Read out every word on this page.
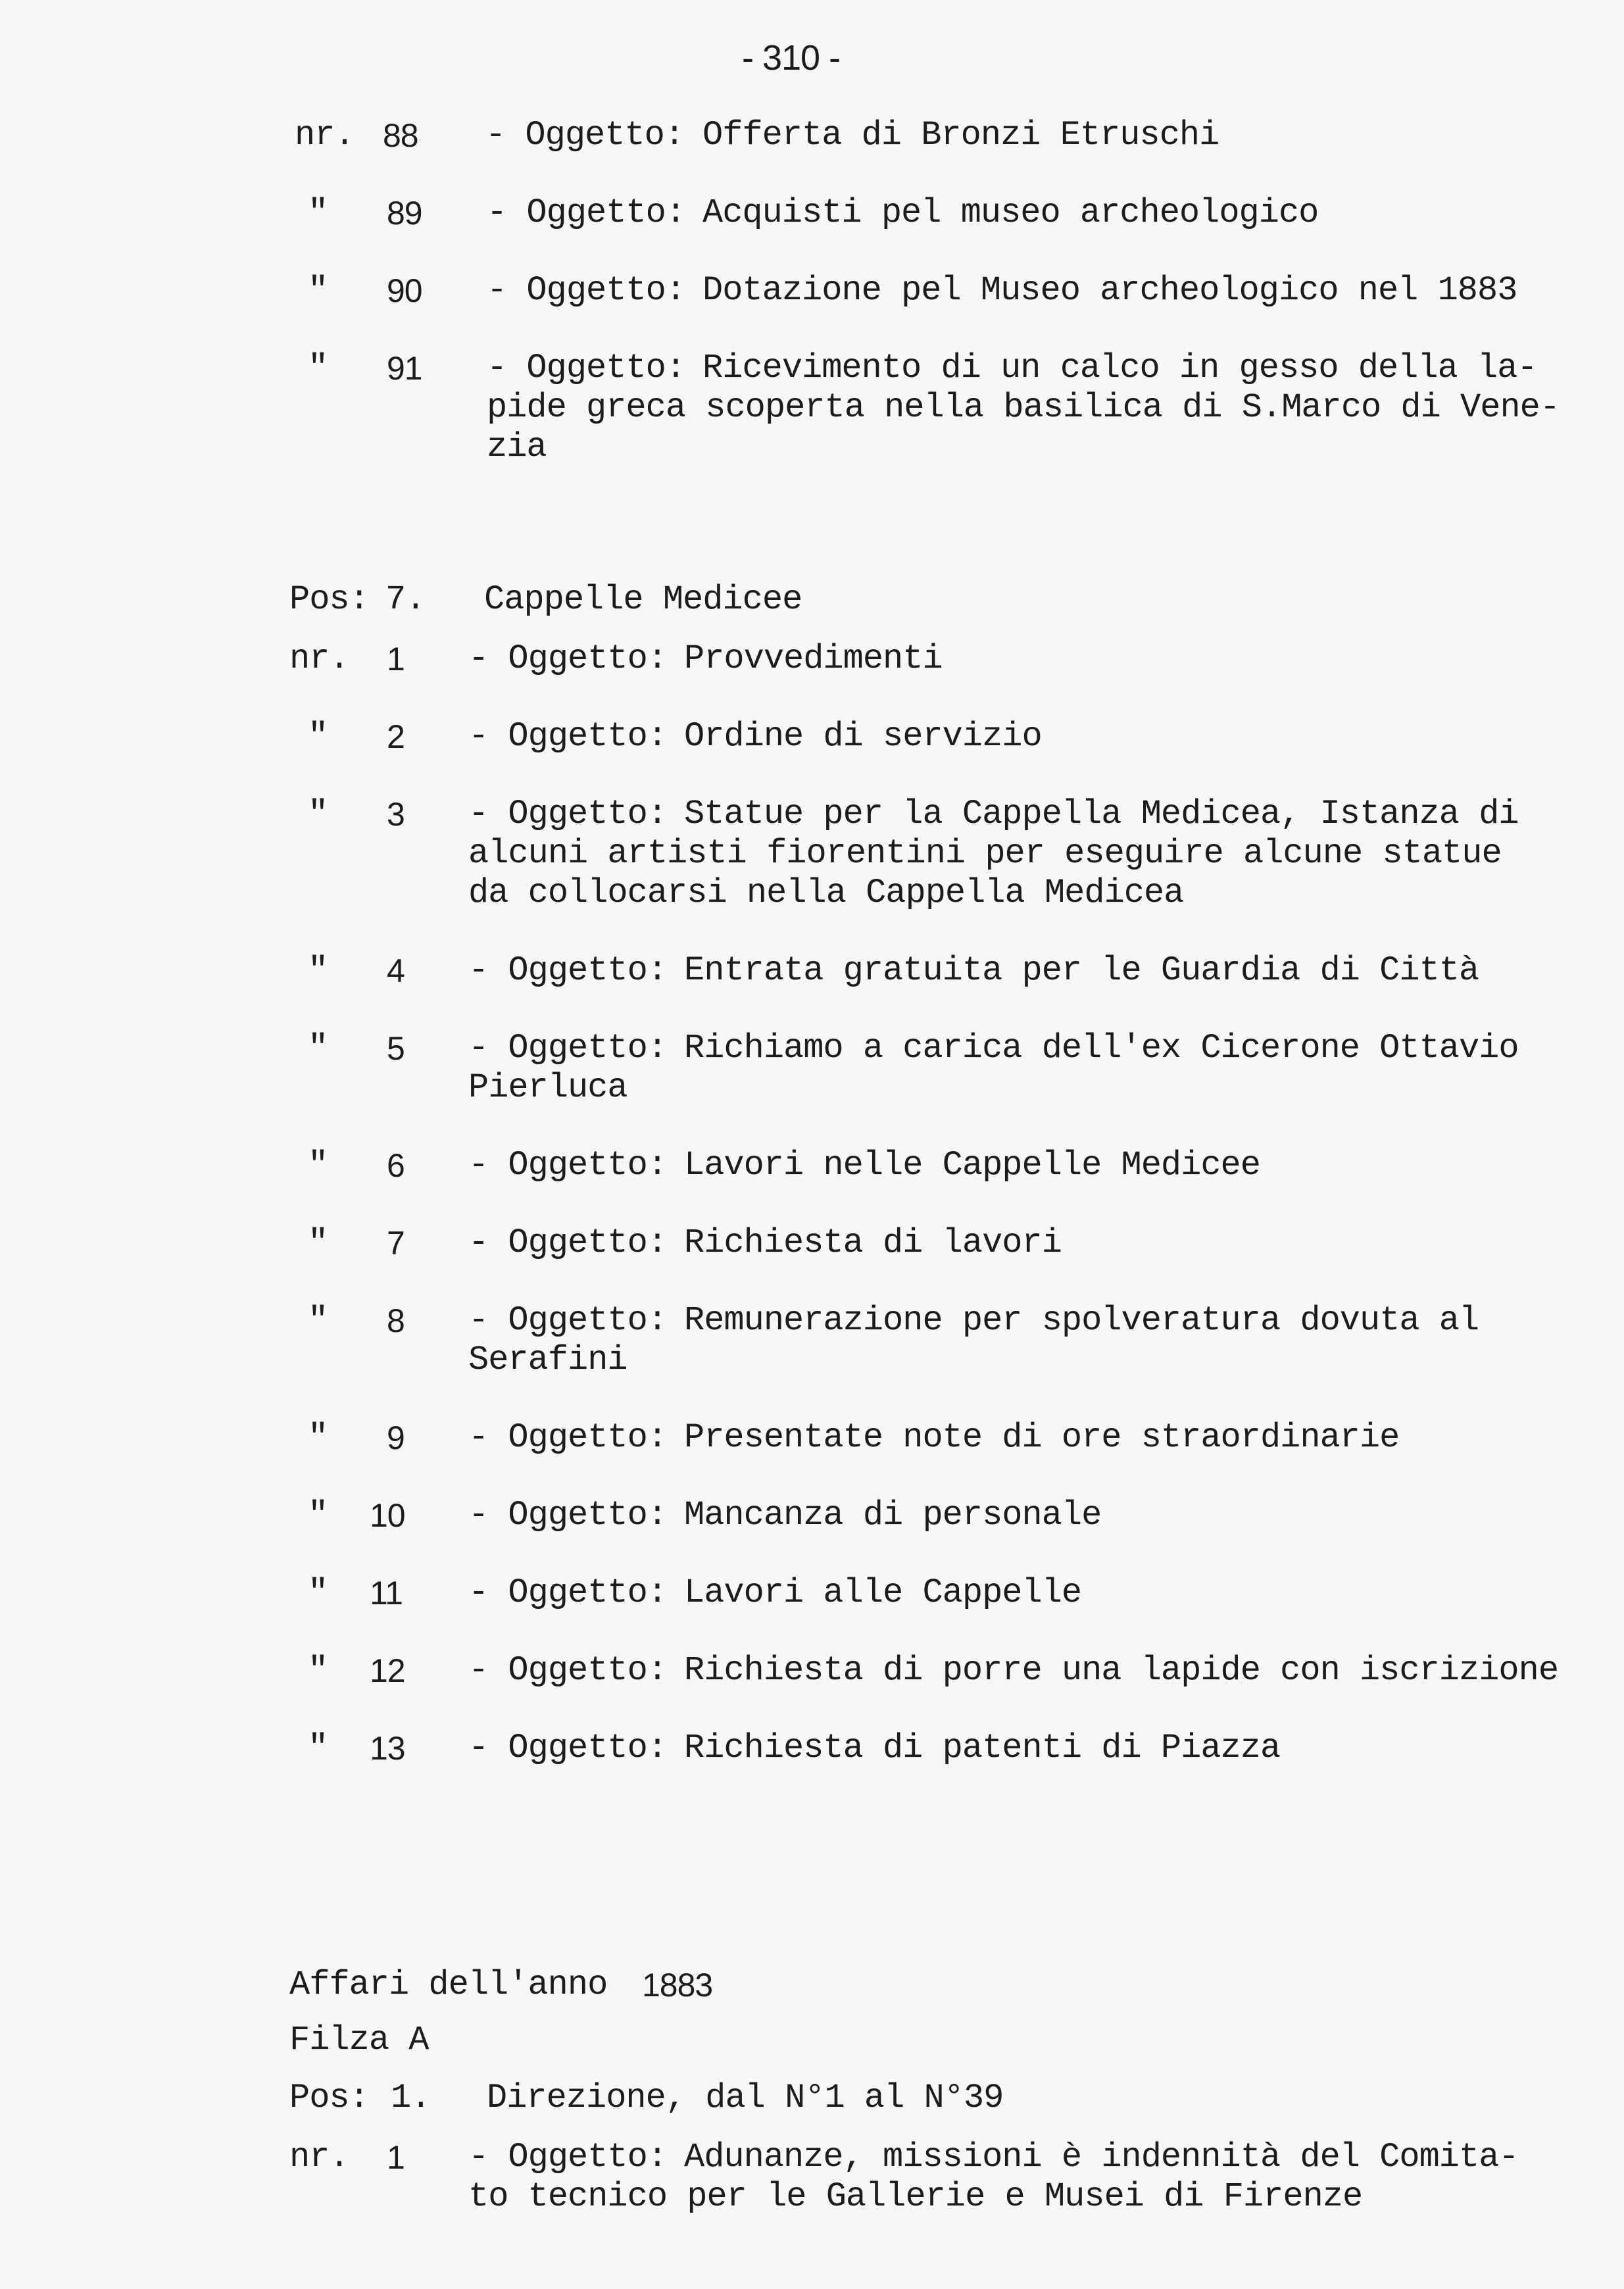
- 310 -
nr. 88 - Oggetto: Offerta di Bronzi Etruschi
" 89 - Oggetto: Acquisti pel museo archeologico
" 90 - Oggetto: Dotazione pel Museo archeologico nel 1883
" 91 - Oggetto: Ricevimento di un calco in gesso della la-
pide greca scoperta nella basilica di S.Marco di Vene-
zia
Pos: 7. Cappelle Medicee
nr. 1 - Oggetto: Provvedimenti
" 2 - Oggetto: Ordine di servizio
" 3 - Oggetto: Statue per la Cappella Medicea, Istanza di
alcuni artisti fiorentini per eseguire alcune statue
da collocarsi nella Cappella Medicea
" 4 - Oggetto: Entrata gratuita per le Guardia di Città
" 5 - Oggetto: Richiamo a carica dell'ex Cicerone Ottavio
Pierluca
" 6 - Oggetto: Lavori nelle Cappelle Medicee
" 7 - Oggetto: Richiesta di lavori
" 8 - Oggetto: Remunerazione per spolveratura dovuta al
Serafini
" 9 - Oggetto: Presentate note di ore straordinarie
" 10 - Oggetto: Mancanza di personale
" 11 - Oggetto: Lavori alle Cappelle
" 12 - Oggetto: Richiesta di porre una lapide con iscrizione
" 13 - Oggetto: Richiesta di patenti di Piazza
Affari dell'anno 1883
Filza A
Pos: 1. Direzione, dal N°1 al N°39
nr. 1 - Oggetto: Adunanze, missioni è indennità del Comita-
to tecnico per le Gallerie e Musei di Firenze
